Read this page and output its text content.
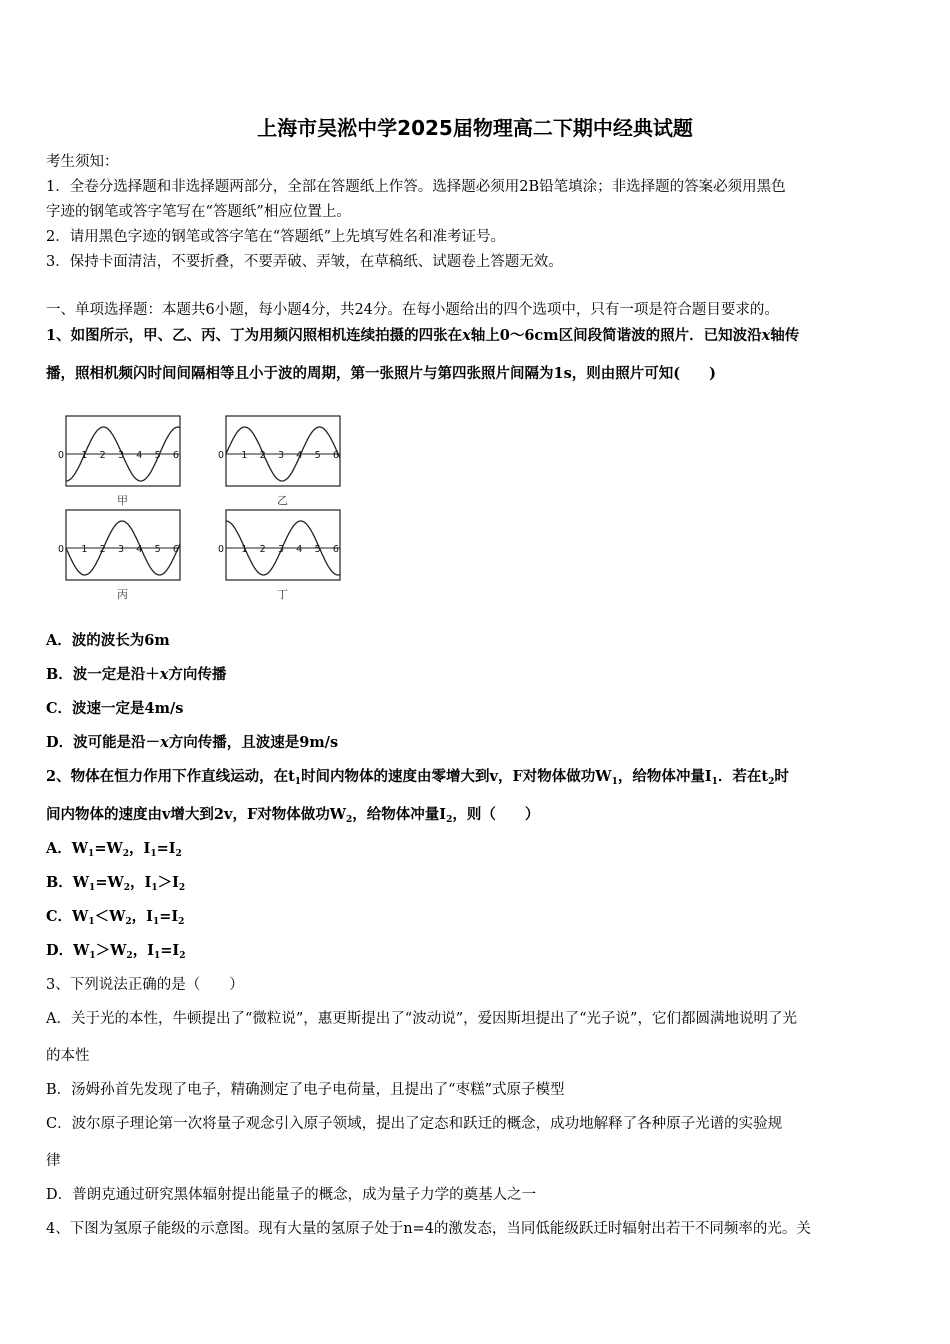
上海市吴淞中学2025届物理高二下期中经典试题
考生须知：
1．全卷分选择题和非选择题两部分，全部在答题纸上作答。选择题必须用2B铅笔填涂；非选择题的答案必须用黑色
字迹的钢笔或答字笔写在“答题纸”相应位置上。
2．请用黑色字迹的钢笔或答字笔在“答题纸”上先填写姓名和准考证号。
3．保持卡面清洁，不要折叠，不要弄破、弄皱，在草稿纸、试题卷上答题无效。
一、单项选择题：本题共6小题，每小题4分，共24分。在每小题给出的四个选项中，只有一项是符合题目要求的。
1、如图所示，甲、乙、丙、丁为用频闪照相机连续拍摄的四张在x轴上0～6cm区间段简谐波的照片．已知波沿x轴传
播，照相机频闪时间间隔相等且小于波的周期，第一张照片与第四张照片间隔为1s，则由照片可知(　　)
0 1 2 3 4 5 6
甲
0 1 2 3 4 5 6
乙
0 1 2 3 4 5 6
丙
0 1 2 3 4 5 6
丁
A．波的波长为6m
B．波一定是沿＋x方向传播
C．波速一定是4m/s
D．波可能是沿－x方向传播，且波速是9m/s
2、物体在恒力作用下作直线运动，在$t_1$时间内物体的速度由零增大到v，F对物体做功$W_1$，给物体冲量$I_1$．若在$t_2$时
间内物体的速度由v增大到2v，F对物体做功$W_2$，给物体冲量$I_2$，则（　　）
A．$W_1=W_2$，$I_1=I_2$
B．$W_1=W_2$，$I_1>I_2$
C．$W_1<W_2$，$I_1=I_2$
D．$W_1>W_2$，$I_1=I_2$
3、下列说法正确的是（　　）
A．关于光的本性，牛顿提出了“微粒说”，惠更斯提出了“波动说”，爱因斯坦提出了“光子说”，它们都圆满地说明了光
的本性
B．汤姆孙首先发现了电子，精确测定了电子电荷量，且提出了“枣糕”式原子模型
C．波尔原子理论第一次将量子观念引入原子领域，提出了定态和跃迁的概念，成功地解释了各种原子光谱的实验规
律
D．普朗克通过研究黑体辐射提出能量子的概念，成为量子力学的奠基人之一
4、下图为氢原子能级的示意图。现有大量的氢原子处于n=4的激发态，当同低能级跃迁时辐射出若干不同频率的光。关
